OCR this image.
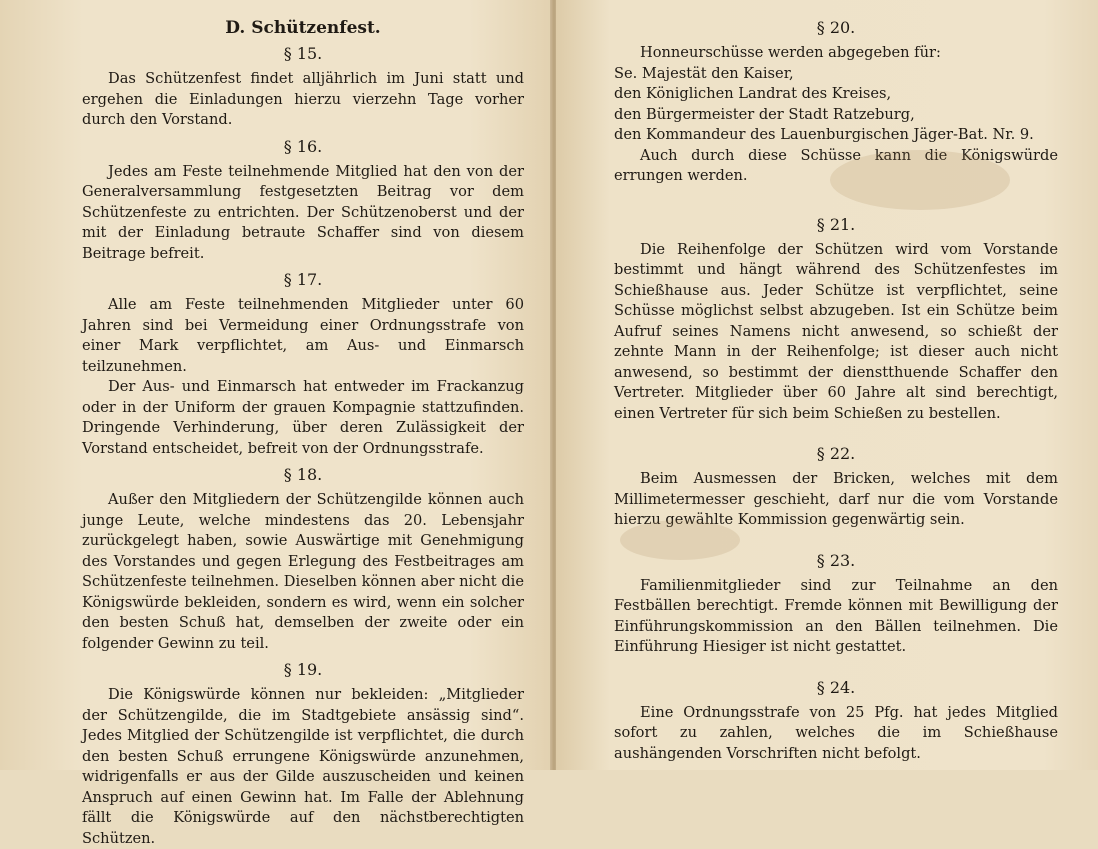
D. Schützenfest.
§ 15.

Das Schützenfest findet alljährlich im Juni statt und ergehen die Einladungen hierzu vierzehn Tage vorher durch den Vorstand.

§ 16.

Jedes am Feste teilnehmende Mitglied hat den von der Generalversammlung festgesetzten Beitrag vor dem Schützenfeste zu entrichten. Der Schützenoberst und der mit der Einladung betraute Schaffer sind von diesem Beitrage befreit.

§ 17.

Alle am Feste teilnehmenden Mitglieder unter 60 Jahren sind bei Vermeidung einer Ordnungsstrafe von einer Mark verpflichtet, am Aus- und Einmarsch teilzunehmen.

Der Aus- und Einmarsch hat entweder im Frackanzug oder in der Uniform der grauen Kompagnie stattzufinden. Dringende Verhinderung, über deren Zulässigkeit der Vorstand entscheidet, befreit von der Ordnungsstrafe.

§ 18.

Außer den Mitgliedern der Schützengilde können auch junge Leute, welche mindestens das 20. Lebensjahr zurückgelegt haben, sowie Auswärtige mit Genehmigung des Vorstandes und gegen Erlegung des Festbeitrages am Schützenfeste teilnehmen. Dieselben können aber nicht die Königswürde bekleiden, sondern es wird, wenn ein solcher den besten Schuß hat, demselben der zweite oder ein folgender Gewinn zu teil.

§ 19.

Die Königswürde können nur bekleiden: „Mitglieder der Schützengilde, die im Stadtgebiete ansässig sind“. Jedes Mitglied der Schützengilde ist verpflichtet, die durch den besten Schuß errungene Königswürde anzunehmen, widrigenfalls er aus der Gilde auszuscheiden und keinen Anspruch auf einen Gewinn hat. Im Falle der Ablehnung fällt die Königswürde auf den nächstberechtigten Schützen.

§ 20.

Honneurschüsse werden abgegeben für:

Se. Majestät den Kaiser,
den Königlichen Landrat des Kreises,
den Bürgermeister der Stadt Ratzeburg,
den Kommandeur des Lauenburgischen Jäger-Bat. Nr. 9.

Auch durch diese Schüsse kann die Königswürde errungen werden.

§ 21.

Die Reihenfolge der Schützen wird vom Vorstande bestimmt und hängt während des Schützenfestes im Schießhause aus. Jeder Schütze ist verpflichtet, seine Schüsse möglichst selbst abzugeben. Ist ein Schütze beim Aufruf seines Namens nicht anwesend, so schießt der zehnte Mann in der Reihenfolge; ist dieser auch nicht anwesend, so bestimmt der dienstthuende Schaffer den Vertreter. Mitglieder über 60 Jahre alt sind berechtigt, einen Vertreter für sich beim Schießen zu bestellen.

§ 22.

Beim Ausmessen der Bricken, welches mit dem Millimetermesser geschieht, darf nur die vom Vorstande hierzu gewählte Kommission gegenwärtig sein.

§ 23.

Familienmitglieder sind zur Teilnahme an den Festbällen berechtigt. Fremde können mit Bewilligung der Einführungskommission an den Bällen teilnehmen. Die Einführung Hiesiger ist nicht gestattet.

§ 24.

Eine Ordnungsstrafe von 25 Pfg. hat jedes Mitglied sofort zu zahlen, welches die im Schießhause aushängenden Vorschriften nicht befolgt.
